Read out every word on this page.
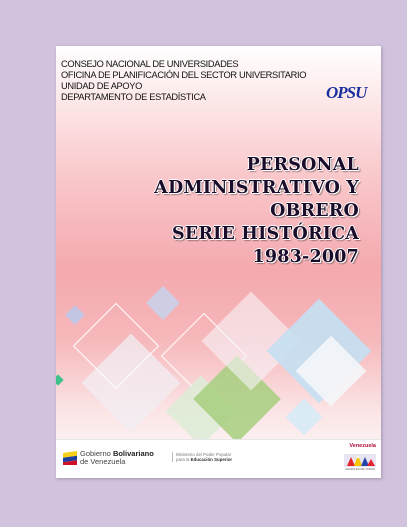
CONSEJO NACIONAL DE UNIVERSIDADES
OFICINA DE PLANIFICACIÓN DEL SECTOR UNIVERSITARIO
UNIDAD DE APOYO
DEPARTAMENTO DE ESTADÍSTICA	OPSU
PERSONAL
ADMINISTRATIVO Y
OBRERO
SERIE HISTÓRICA
1983-2007
Gobierno Bolivariano
de Venezuela
Ministerio del Poder Popular
para la Educación Superior
Venezuela
AHORA ES DE TODOS
